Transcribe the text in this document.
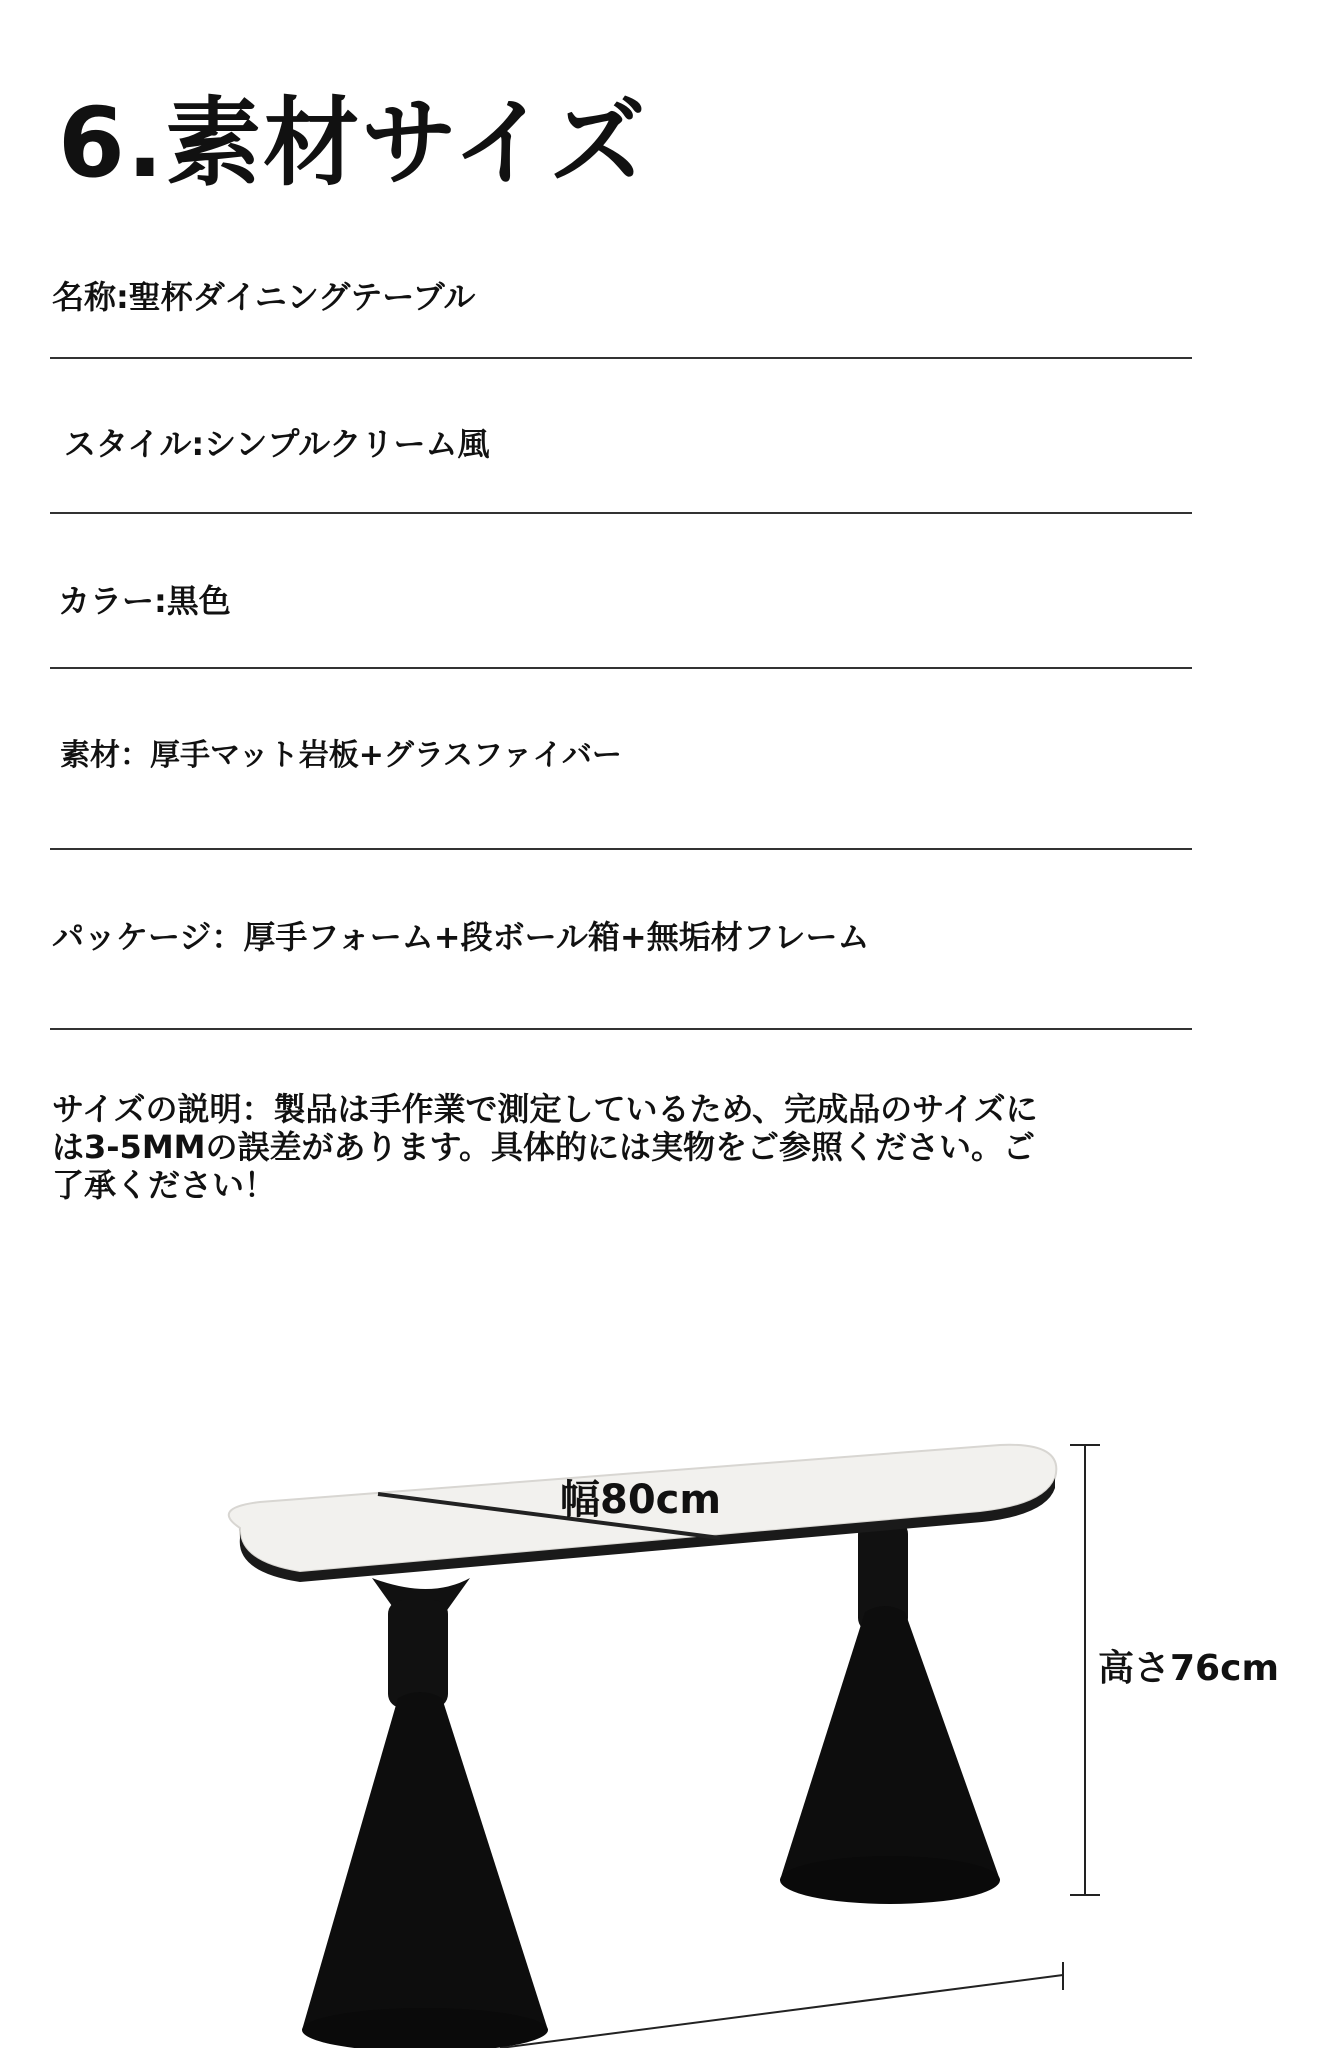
6.素材サイズ
名称:聖杯ダイニングテーブル
スタイル:シンプルクリーム風
カラー:黒色
素材：厚手マット岩板+グラスファイバー
パッケージ：厚手フォーム+段ボール箱+無垢材フレーム
サイズの説明：製品は手作業で測定しているため、完成品のサイズに
は3-5MMの誤差があります。具体的には実物をご参照ください。ご
了承ください！
幅80cm
高さ76cm
